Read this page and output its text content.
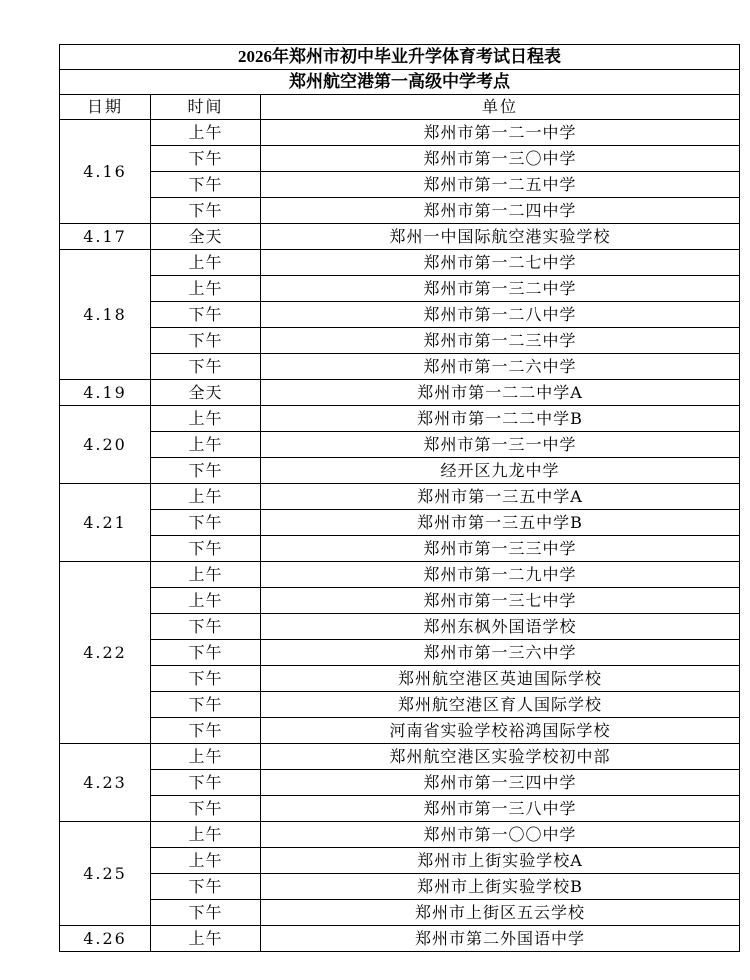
2026年郑州市初中毕业升学体育考试日程表		
郑州航空港第一高级中学考点		
日期	时间	单位
4.16	上午	郑州市第一二一中学
	下午	郑州市第一三〇中学
	下午	郑州市第一二五中学
	下午	郑州市第一二四中学
4.17	全天	郑州一中国际航空港实验学校
4.18	上午	郑州市第一二七中学
	上午	郑州市第一三二中学
	下午	郑州市第一二八中学
	下午	郑州市第一二三中学
	下午	郑州市第一二六中学
4.19	全天	郑州市第一二二中学A
4.20	上午	郑州市第一二二中学B
	上午	郑州市第一三一中学
	下午	经开区九龙中学
4.21	上午	郑州市第一三五中学A
	下午	郑州市第一三五中学B
	下午	郑州市第一三三中学
4.22	上午	郑州市第一二九中学
	上午	郑州市第一三七中学
	下午	郑州东枫外国语学校
	下午	郑州市第一三六中学
	下午	郑州航空港区英迪国际学校
	下午	郑州航空港区育人国际学校
	下午	河南省实验学校裕鸿国际学校
4.23	上午	郑州航空港区实验学校初中部
	下午	郑州市第一三四中学
	下午	郑州市第一三八中学
4.25	上午	郑州市第一〇〇中学
	上午	郑州市上街实验学校A
	下午	郑州市上街实验学校B
	下午	郑州市上街区五云学校
4.26	上午	郑州市第二外国语中学
